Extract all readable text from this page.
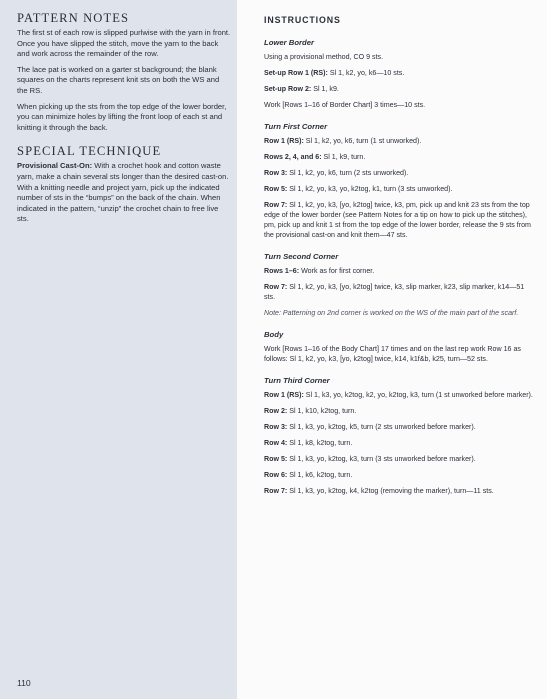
PATTERN NOTES

The first st of each row is slipped purlwise with the yarn in front. Once you have slipped the stitch, move the yarn to the back and work across the remainder of the row.

The lace pat is worked on a garter st background; the blank squares on the charts represent knit sts on both the WS and the RS.

When picking up the sts from the top edge of the lower border, you can minimize holes by lifting the front loop of each st and knitting it through the back.

SPECIAL TECHNIQUE

Provisional Cast-On: With a crochet hook and cotton waste yarn, make a chain several sts longer than the desired cast-on. With a knitting needle and project yarn, pick up the indicated number of sts in the “bumps” on the back of the chain. When indicated in the pattern, “unzip” the crochet chain to free live sts.

110
INSTRUCTIONS
Lower Border

Using a provisional method, CO 9 sts.

Set-up Row 1 (RS): Sl 1, k2, yo, k6—10 sts.

Set-up Row 2: Sl 1, k9.

Work [Rows 1–16 of Border Chart] 3 times—10 sts.

Turn First Corner

Row 1 (RS): Sl 1, k2, yo, k6, turn (1 st unworked).

Rows 2, 4, and 6: Sl 1, k9, turn.

Row 3: Sl 1, k2, yo, k6, turn (2 sts unworked).

Row 5: Sl 1, k2, yo, k3, yo, k2tog, k1, turn (3 sts unworked).

Row 7: Sl 1, k2, yo, k3, [yo, k2tog] twice, k3, pm, pick up and knit 23 sts from the top edge of the lower border (see Pattern Notes for a tip on how to pick up the stitches), pm, pick up and knit 1 st from the top edge of the lower border, release the 9 sts from the provisional cast-on and knit them—47 sts.

Turn Second Corner

Rows 1–6: Work as for first corner.

Row 7: Sl 1, k2, yo, k3, [yo, k2tog] twice, k3, slip marker, k23, slip marker, k14—51 sts.

Note: Patterning on 2nd corner is worked on the WS of the main part of the scarf.

Body

Work [Rows 1–16 of the Body Chart] 17 times and on the last rep work Row 16 as follows: Sl 1, k2, yo, k3, [yo, k2tog] twice, k14, k1f&b, k25, turn—52 sts.

Turn Third Corner

Row 1 (RS): Sl 1, k3, yo, k2tog, k2, yo, k2tog, k3, turn (1 st unworked before marker).

Row 2: Sl 1, k10, k2tog, turn.

Row 3: Sl 1, k3, yo, k2tog, k5, turn (2 sts unworked before marker).

Row 4: Sl 1, k8, k2tog, turn.

Row 5: Sl 1, k3, yo, k2tog, k3, turn (3 sts unworked before marker).

Row 6: Sl 1, k6, k2tog, turn.

Row 7: Sl 1, k3, yo, k2tog, k4, k2tog (removing the marker), turn—11 sts.
